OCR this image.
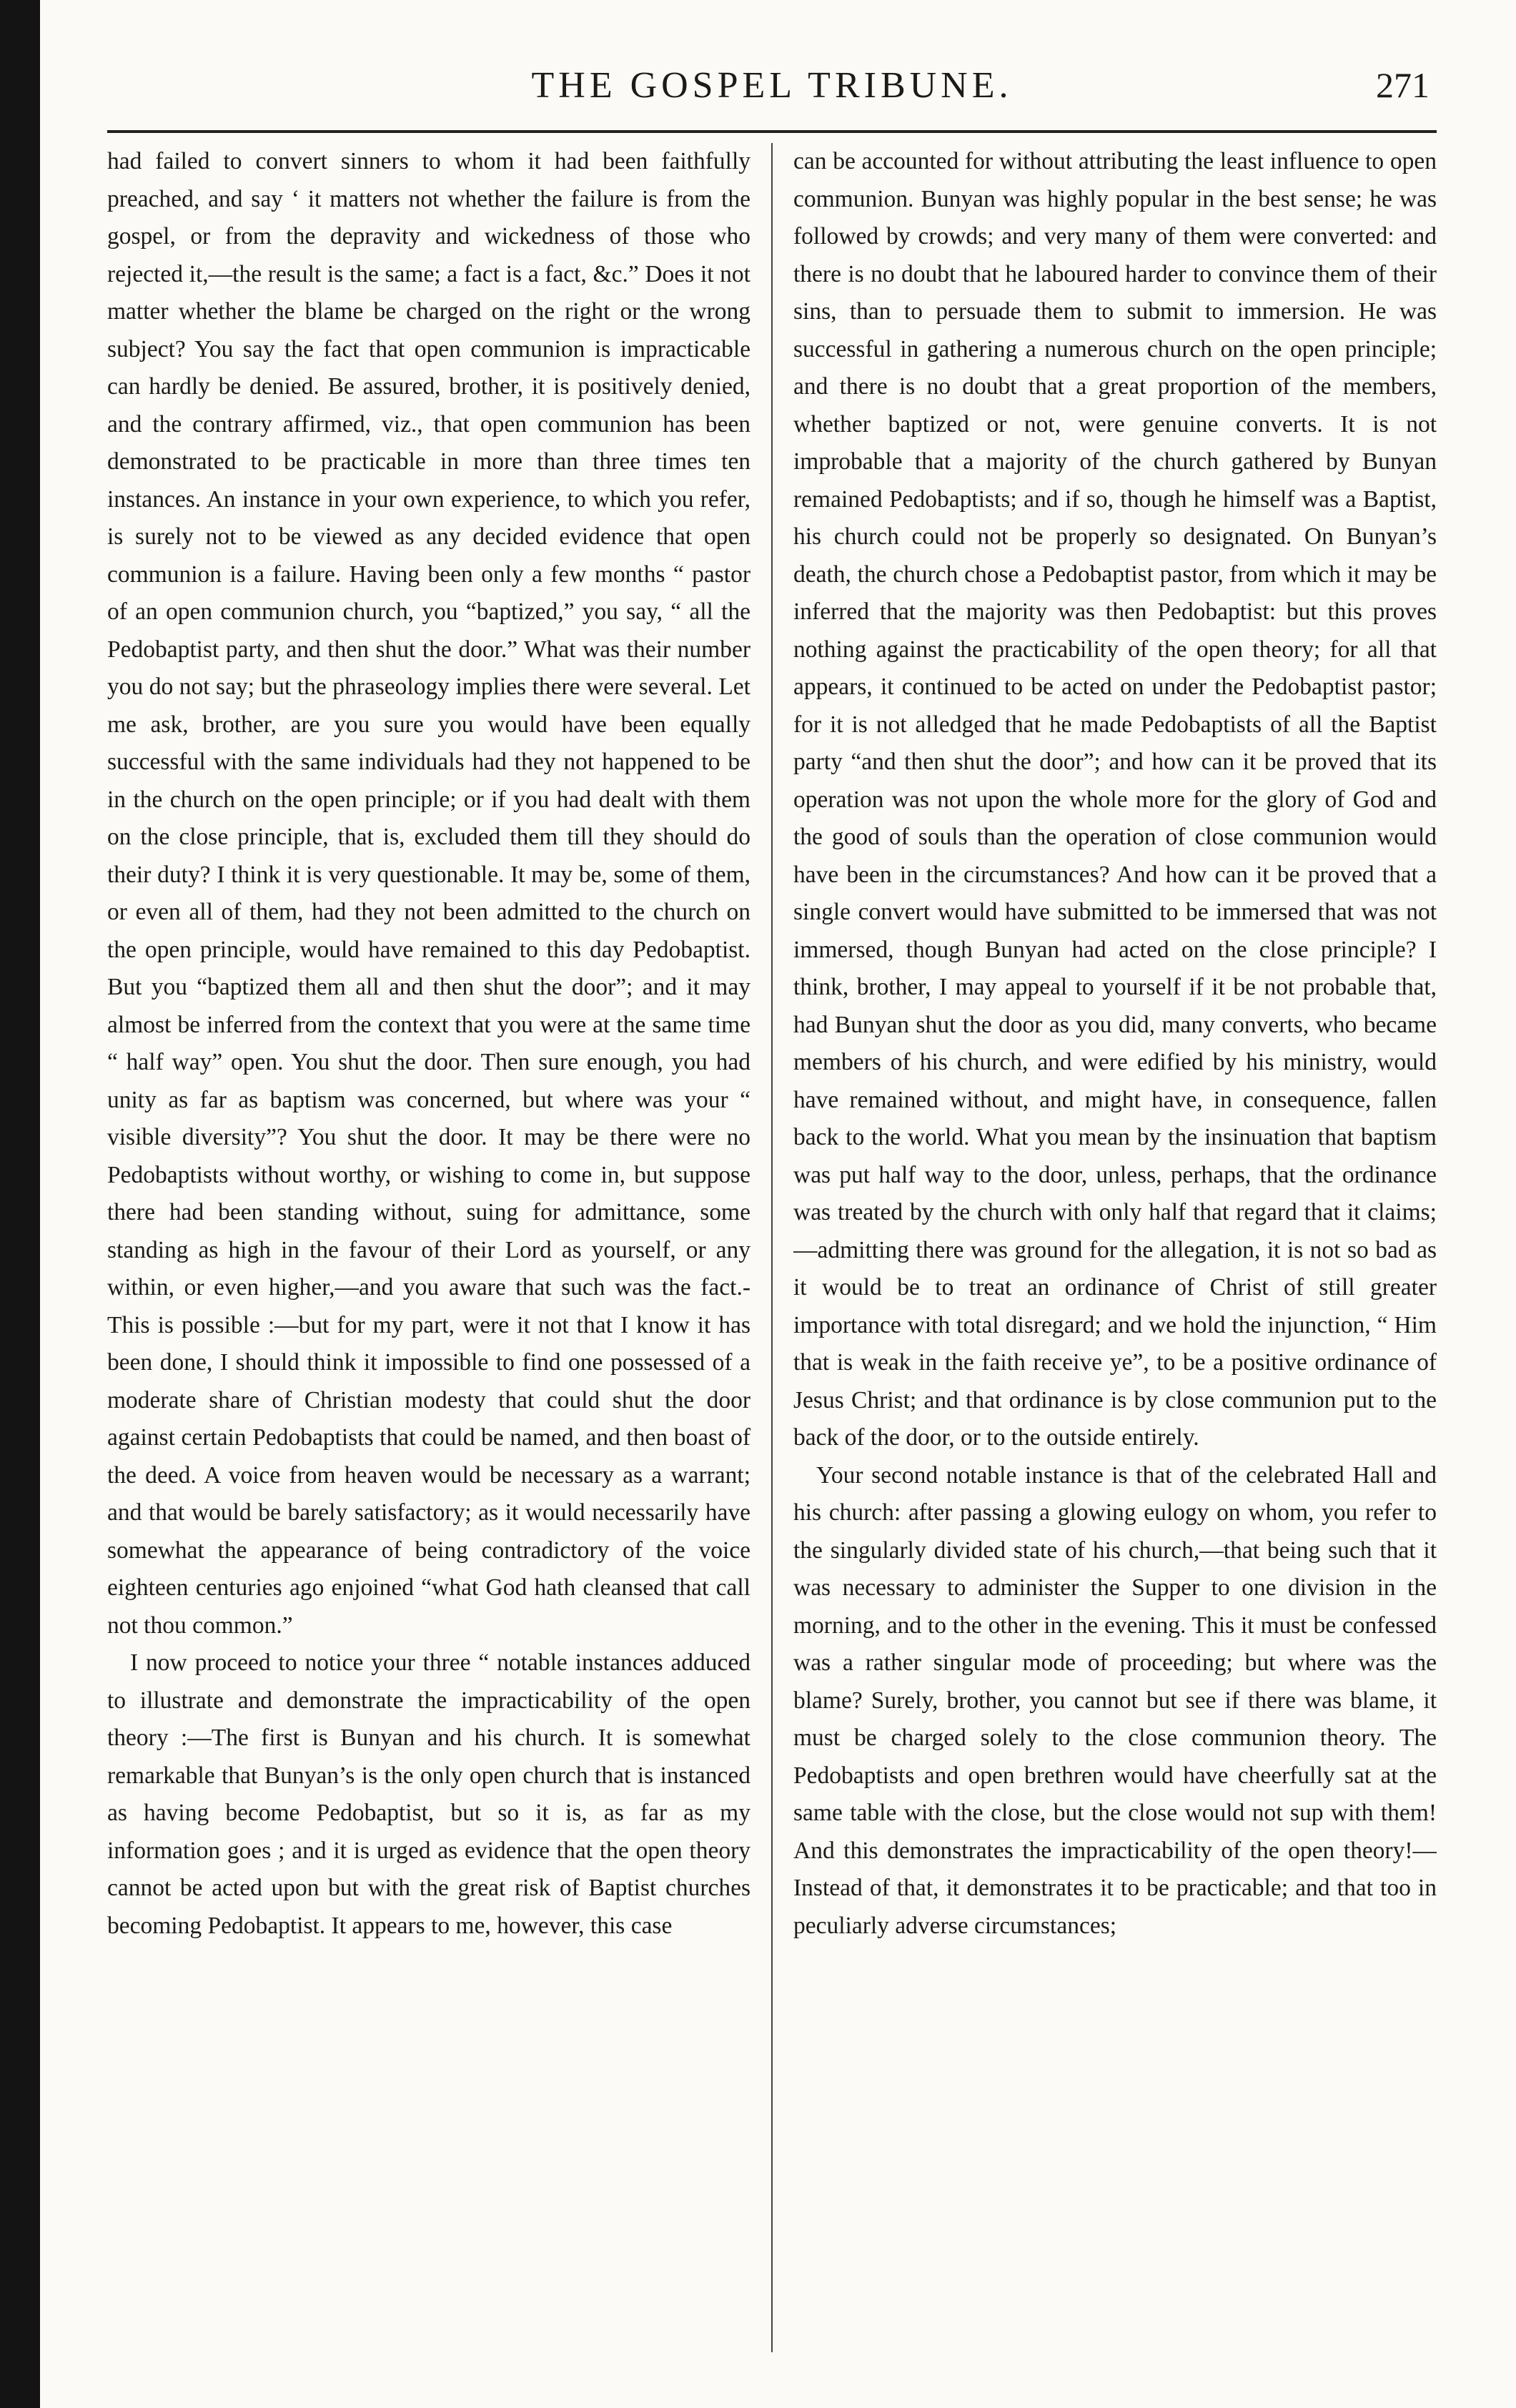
THE GOSPEL TRIBUNE.	271

had failed to convert sinners to whom it had been faithfully preached, and say ‘ it matters not whether the failure is from the gospel, or from the depravity and wickedness of those who rejected it,—the result is the same; a fact is a fact, &c.” Does it not matter whether the blame be charged on the right or the wrong subject? You say the fact that open communion is impracticable can hardly be denied. Be assured, brother, it is positively denied, and the contrary affirmed, viz., that open communion has been demonstrated to be practicable in more than three times ten instances. An instance in your own experience, to which you refer, is surely not to be viewed as any decided evidence that open communion is a failure. Having been only a few months “ pastor of an open communion church, you “baptized,” you say, “ all the Pedobaptist party, and then shut the door.” What was their number you do not say; but the phraseology implies there were several. Let me ask, brother, are you sure you would have been equally successful with the same individuals had they not happened to be in the church on the open principle; or if you had dealt with them on the close principle, that is, excluded them till they should do their duty? I think it is very questionable. It may be, some of them, or even all of them, had they not been admitted to the church on the open principle, would have remained to this day Pedobaptist. But you “baptized them all and then shut the door”; and it may almost be inferred from the context that you were at the same time “ half way” open. You shut the door. Then sure enough, you had unity as far as baptism was concerned, but where was your “ visible diversity”? You shut the door. It may be there were no Pedobaptists without worthy, or wishing to come in, but suppose there had been standing without, suing for admittance, some standing as high in the favour of their Lord as yourself, or any within, or even higher,—and you aware that such was the fact.- This is possible :—but for my part, were it not that I know it has been done, I should think it impossible to find one possessed of a moderate share of Christian modesty that could shut the door against certain Pedobaptists that could be named, and then boast of the deed. A voice from heaven would be necessary as a warrant; and that would be barely satisfactory; as it would necessarily have somewhat the appearance of being contradictory of the voice eighteen centuries ago enjoined “what God hath cleansed that call not thou common.”

I now proceed to notice your three “ notable instances adduced to illustrate and demonstrate the impracticability of the open theory :—The first is Bunyan and his church. It is somewhat remarkable that Bunyan’s is the only open church that is instanced as having become Pedobaptist, but so it is, as far as my information goes ; and it is urged as evidence that the open theory cannot be acted upon but with the great risk of Baptist churches becoming Pedobaptist. It appears to me, however, this case

can be accounted for without attributing the least influence to open communion. Bunyan was highly popular in the best sense; he was followed by crowds; and very many of them were converted: and there is no doubt that he laboured harder to convince them of their sins, than to persuade them to submit to immersion. He was successful in gathering a numerous church on the open principle; and there is no doubt that a great proportion of the members, whether baptized or not, were genuine converts. It is not improbable that a majority of the church gathered by Bunyan remained Pedobaptists; and if so, though he himself was a Baptist, his church could not be properly so designated. On Bunyan’s death, the church chose a Pedobaptist pastor, from which it may be inferred that the majority was then Pedobaptist: but this proves nothing against the practicability of the open theory; for all that appears, it continued to be acted on under the Pedobaptist pastor; for it is not alledged that he made Pedobaptists of all the Baptist party “and then shut the door”; and how can it be proved that its operation was not upon the whole more for the glory of God and the good of souls than the operation of close communion would have been in the circumstances? And how can it be proved that a single convert would have submitted to be immersed that was not immersed, though Bunyan had acted on the close principle? I think, brother, I may appeal to yourself if it be not probable that, had Bunyan shut the door as you did, many converts, who became members of his church, and were edified by his ministry, would have remained without, and might have, in consequence, fallen back to the world. What you mean by the insinuation that baptism was put half way to the door, unless, perhaps, that the ordinance was treated by the church with only half that regard that it claims;—admitting there was ground for the allegation, it is not so bad as it would be to treat an ordinance of Christ of still greater importance with total disregard; and we hold the injunction, “ Him that is weak in the faith receive ye”, to be a positive ordinance of Jesus Christ; and that ordinance is by close communion put to the back of the door, or to the outside entirely.

Your second notable instance is that of the celebrated Hall and his church: after passing a glowing eulogy on whom, you refer to the singularly divided state of his church,—that being such that it was necessary to administer the Supper to one division in the morning, and to the other in the evening. This it must be confessed was a rather singular mode of proceeding; but where was the blame? Surely, brother, you cannot but see if there was blame, it must be charged solely to the close communion theory. The Pedobaptists and open brethren would have cheerfully sat at the same table with the close, but the close would not sup with them! And this demonstrates the impracticability of the open theory!—Instead of that, it demonstrates it to be practicable; and that too in peculiarly adverse circumstances;
